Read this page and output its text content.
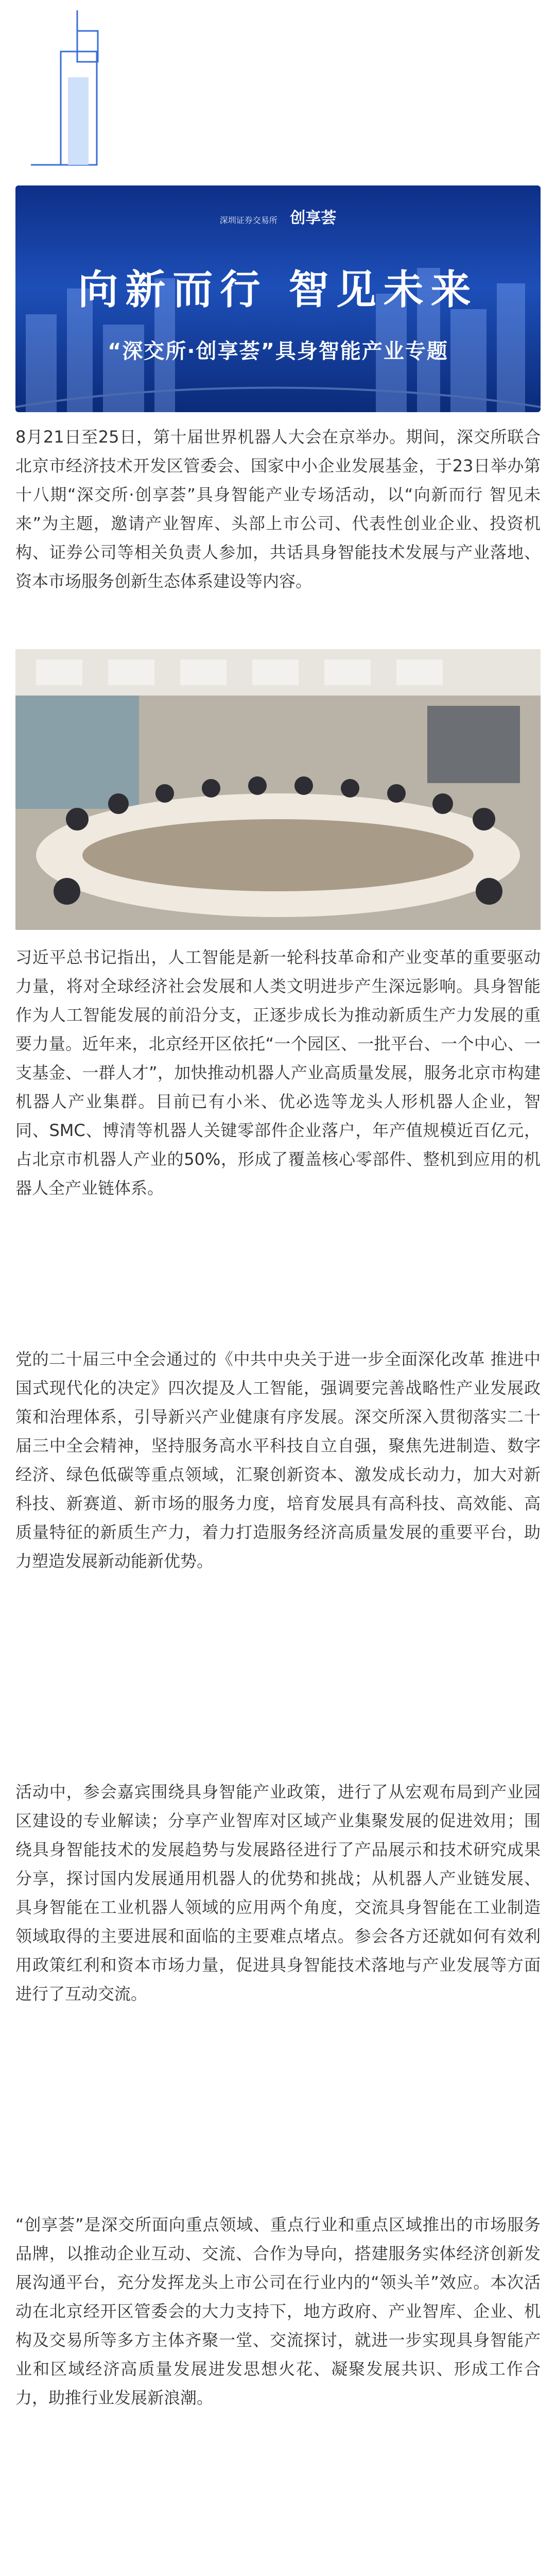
深圳证券交易所 创享荟
向新而行 智见未来
“深交所·创享荟”具身智能产业专题

8月21日至25日，第十届世界机器人大会在京举办。期间，深交所联合北京市经济技术开发区管委会、国家中小企业发展基金，于23日举办第十八期“深交所·创享荟”具身智能产业专场活动，以“向新而行 智见未来”为主题，邀请产业智库、头部上市公司、代表性创业企业、投资机构、证券公司等相关负责人参加，共话具身智能技术发展与产业落地、资本市场服务创新生态体系建设等内容。

习近平总书记指出，人工智能是新一轮科技革命和产业变革的重要驱动力量，将对全球经济社会发展和人类文明进步产生深远影响。具身智能作为人工智能发展的前沿分支，正逐步成长为推动新质生产力发展的重要力量。近年来，北京经开区依托“一个园区、一批平台、一个中心、一支基金、一群人才”，加快推动机器人产业高质量发展，服务北京市构建机器人产业集群。目前已有小米、优必选等龙头人形机器人企业，智同、SMC、博清等机器人关键零部件企业落户，年产值规模近百亿元，占北京市机器人产业的50%，形成了覆盖核心零部件、整机到应用的机器人全产业链体系。

党的二十届三中全会通过的《中共中央关于进一步全面深化改革 推进中国式现代化的决定》四次提及人工智能，强调要完善战略性产业发展政策和治理体系，引导新兴产业健康有序发展。深交所深入贯彻落实二十届三中全会精神，坚持服务高水平科技自立自强，聚焦先进制造、数字经济、绿色低碳等重点领域，汇聚创新资本、激发成长动力，加大对新科技、新赛道、新市场的服务力度，培育发展具有高科技、高效能、高质量特征的新质生产力，着力打造服务经济高质量发展的重要平台，助力塑造发展新动能新优势。

活动中，参会嘉宾围绕具身智能产业政策，进行了从宏观布局到产业园区建设的专业解读；分享产业智库对区域产业集聚发展的促进效用；围绕具身智能技术的发展趋势与发展路径进行了产品展示和技术研究成果分享，探讨国内发展通用机器人的优势和挑战；从机器人产业链发展、具身智能在工业机器人领域的应用两个角度，交流具身智能在工业制造领域取得的主要进展和面临的主要难点堵点。参会各方还就如何有效利用政策红利和资本市场力量，促进具身智能技术落地与产业发展等方面进行了互动交流。

“创享荟”是深交所面向重点领域、重点行业和重点区域推出的市场服务品牌，以推动企业互动、交流、合作为导向，搭建服务实体经济创新发展沟通平台，充分发挥龙头上市公司在行业内的“领头羊”效应。本次活动在北京经开区管委会的大力支持下，地方政府、产业智库、企业、机构及交易所等多方主体齐聚一堂、交流探讨，就进一步实现具身智能产业和区域经济高质量发展进发思想火花、凝聚发展共识、形成工作合力，助推行业发展新浪潮。
